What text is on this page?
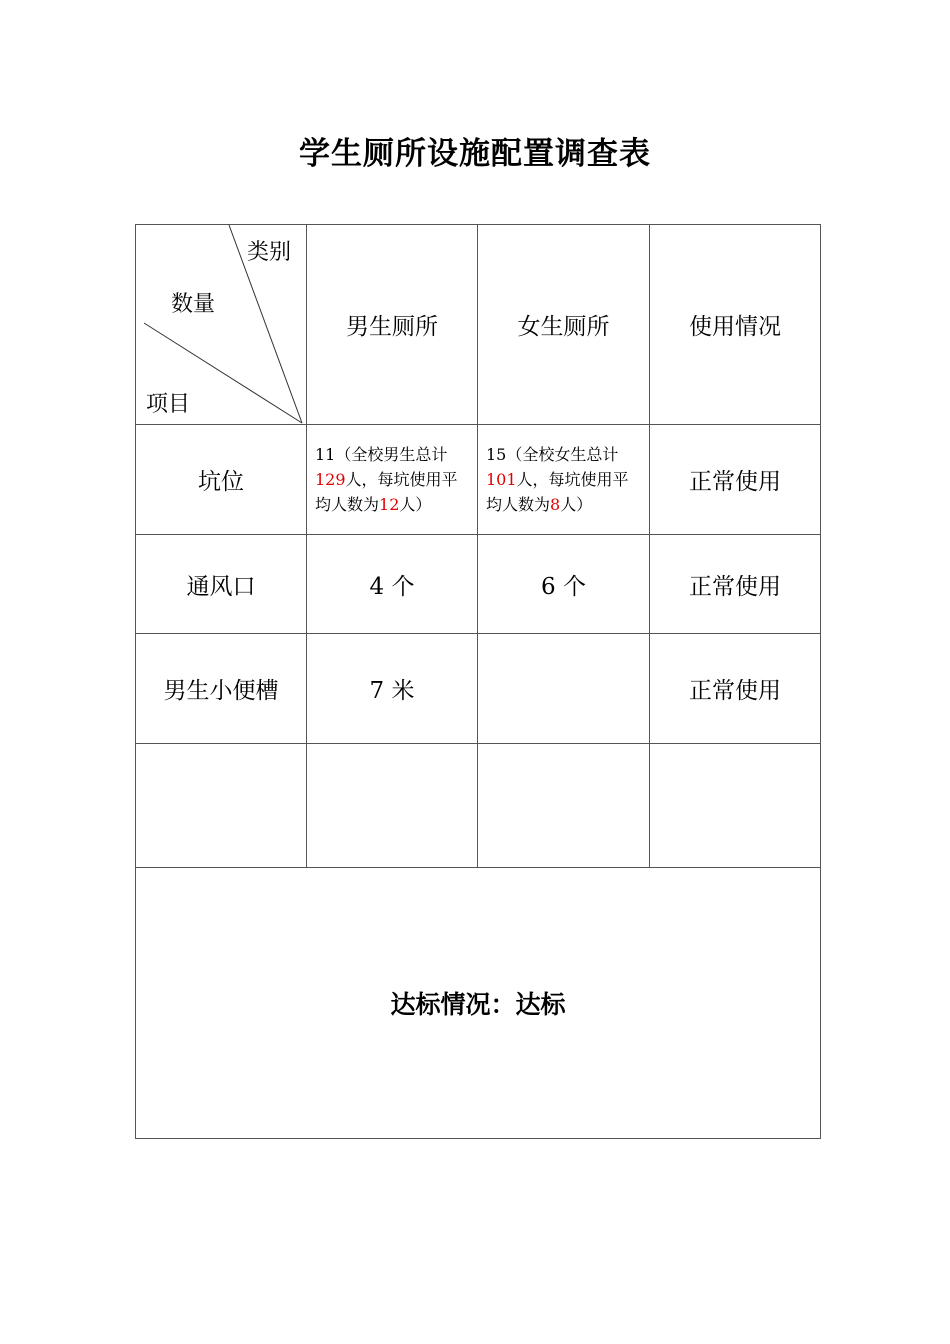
学生厕所设施配置调查表
类别
数量
项目	男生厕所	女生厕所	使用情况
坑位	11（全校男生总计129人，每坑使用平均人数为12人）	15（全校女生总计101人，每坑使用平均人数为8人）	正常使用
通风口	4 个	6 个	正常使用
男生小便槽	7 米		正常使用

达标情况：达标			
